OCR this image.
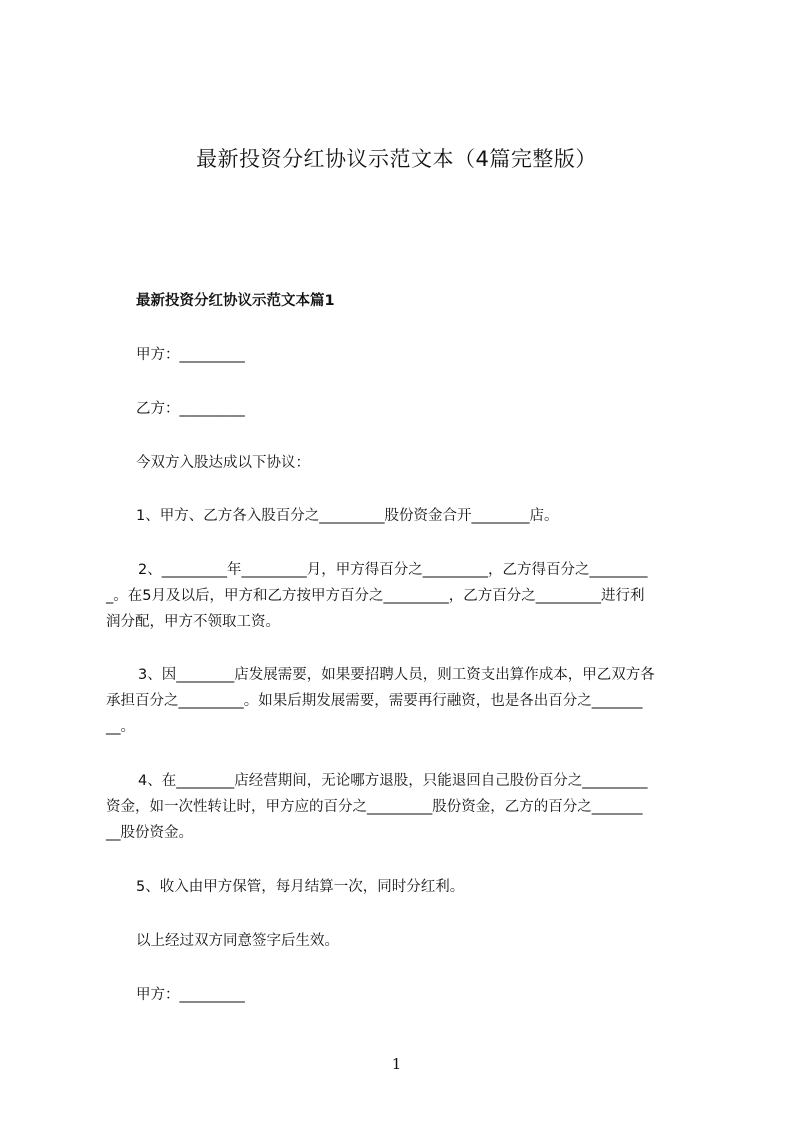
最新投资分红协议示范文本（4篇完整版）

最新投资分红协议示范文本篇1

甲方：_________

乙方：_________

今双方入股达成以下协议：

1、甲方、乙方各入股百分之_________股份资金合开________店。

2、_________年_________月，甲方得百分之_________，乙方得百分之________

_。在5月及以后，甲方和乙方按甲方百分之_________，乙方百分之_________进行利

润分配，甲方不领取工资。

3、因________店发展需要，如果要招聘人员，则工资支出算作成本，甲乙双方各

承担百分之_________。如果后期发展需要，需要再行融资，也是各出百分之_______

__。

4、在________店经营期间，无论哪方退股，只能退回自己股份百分之_________

资金，如一次性转让时，甲方应的百分之_________股份资金，乙方的百分之_______

__股份资金。

5、收入由甲方保管，每月结算一次，同时分红利。

以上经过双方同意签字后生效。

甲方：_________

1
